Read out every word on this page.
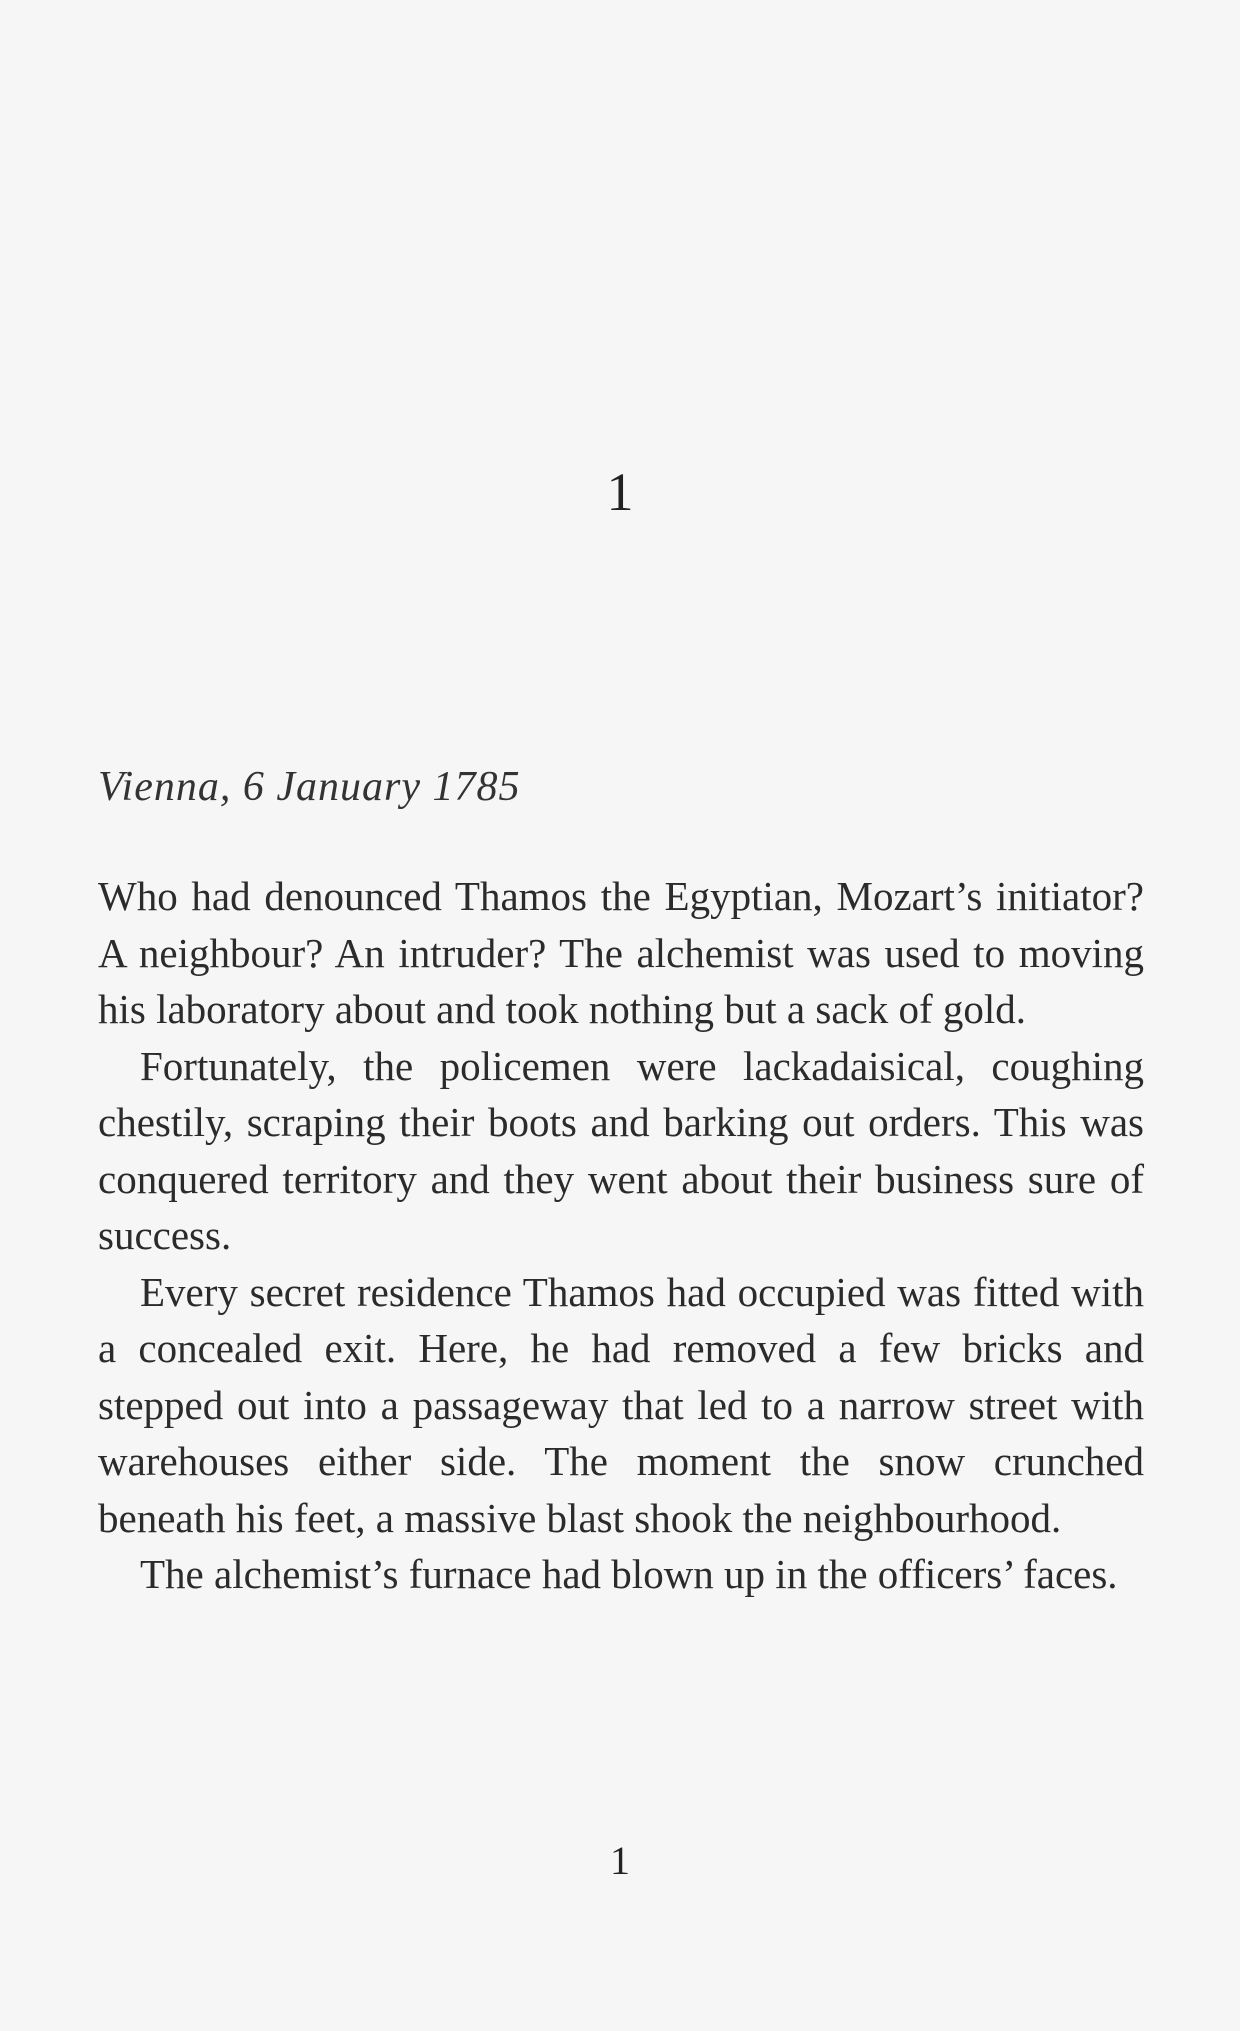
1
Vienna, 6 January 1785

Who had denounced Thamos the Egyptian, Mozart’s initiator? A neighbour? An intruder? The alchemist was used to moving his laboratory about and took nothing but a sack of gold.

Fortunately, the policemen were lackadaisical, coughing chestily, scraping their boots and barking out orders. This was conquered territory and they went about their business sure of success.

Every secret residence Thamos had occupied was fitted with a concealed exit. Here, he had removed a few bricks and stepped out into a passageway that led to a narrow street with warehouses either side. The moment the snow crunched beneath his feet, a massive blast shook the neighbourhood.

The alchemist’s furnace had blown up in the officers’ faces.

1
